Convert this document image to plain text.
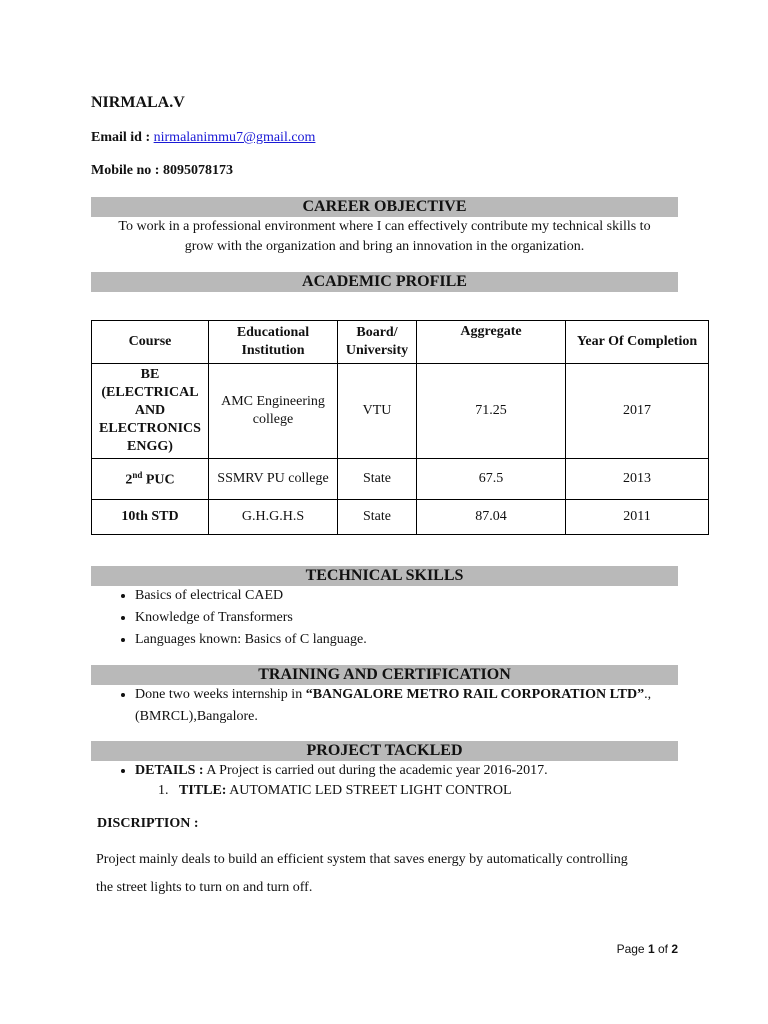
NIRMALA.V
Email id : nirmalanimmu7@gmail.com
Mobile no : 8095078173
CAREER OBJECTIVE
To work in a professional environment where I can effectively contribute my technical skills to
grow with the organization and bring an innovation in the organization.
ACADEMIC PROFILE
Course	Educational Institution	Board/ University	Aggregate	Year Of Completion
BE (ELECTRICAL AND ELECTRONICS ENGG)	AMC Engineering college	VTU	71.25	2017
2nd PUC	SSMRV PU college	State	67.5	2013
10th STD	G.H.G.H.S	State	87.04	2011
TECHNICAL SKILLS
• Basics of electrical CAED
• Knowledge of Transformers
• Languages known: Basics of C language.
TRAINING AND CERTIFICATION
• Done two weeks internship in “BANGALORE METRO RAIL CORPORATION LTD”.,(BMRCL),Bangalore.
PROJECT TACKLED
• DETAILS : A Project is carried out during the academic year 2016-2017.
1. TITLE: AUTOMATIC LED STREET LIGHT CONTROL
DISCRIPTION :
Project mainly deals to build an efficient system that saves energy by automatically controlling
the street lights to turn on and turn off.
Page 1 of 2
